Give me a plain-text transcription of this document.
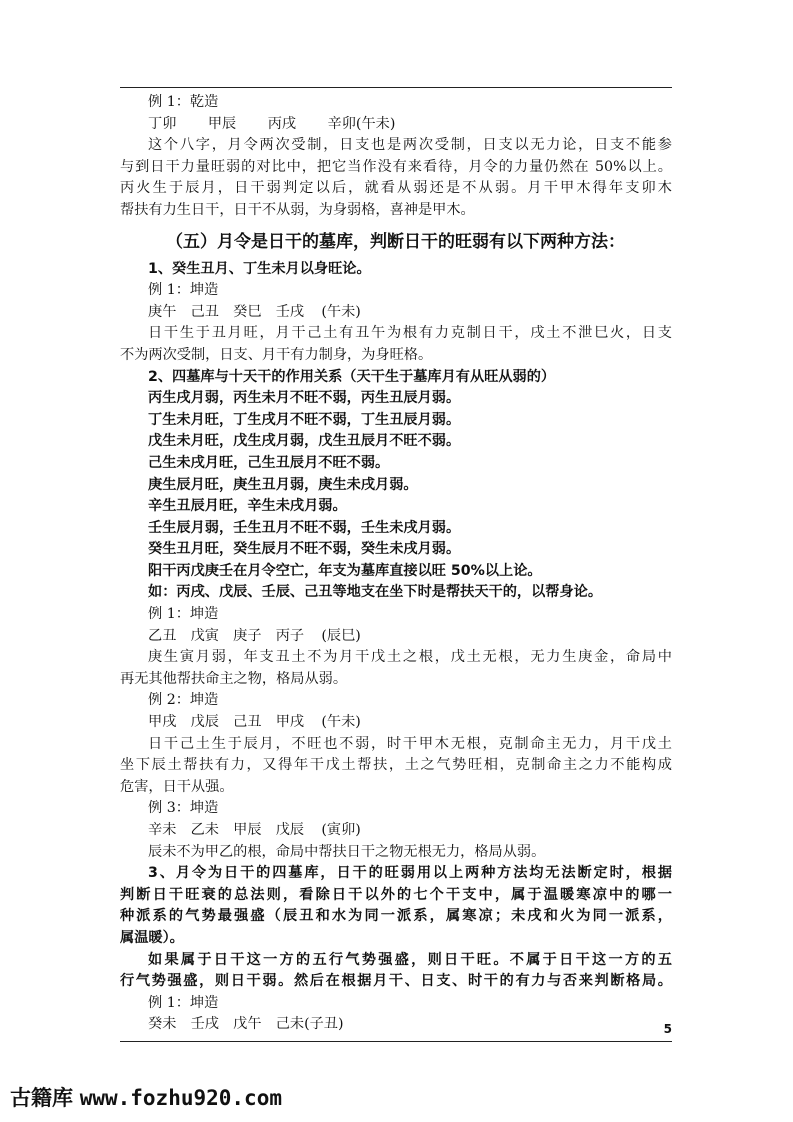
例 1：乾造
丁卯　 甲辰　 丙戌　 辛卯(午未)
这个八字，月令两次受制，日支也是两次受制，日支以无力论，日支不能参
与到日干力量旺弱的对比中，把它当作没有来看待，月令的力量仍然在 50%以上。
丙火生于辰月，日干弱判定以后，就看从弱还是不从弱。月干甲木得年支卯木
帮扶有力生日干，日干不从弱，为身弱格，喜神是甲木。
（五）月令是日干的墓库，判断日干的旺弱有以下两种方法：
1、癸生丑月、丁生未月以身旺论。
例 1：坤造
庚午　己丑　癸巳　壬戌 (午未)
日干生于丑月旺，月干己土有丑午为根有力克制日干，戌土不泄巳火，日支
不为两次受制，日支、月干有力制身，为身旺格。
2、四墓库与十天干的作用关系（天干生于墓库月有从旺从弱的）
丙生戌月弱，丙生未月不旺不弱，丙生丑辰月弱。
丁生未月旺，丁生戌月不旺不弱，丁生丑辰月弱。
戊生未月旺，戊生戌月弱，戊生丑辰月不旺不弱。
己生未戌月旺，己生丑辰月不旺不弱。
庚生辰月旺，庚生丑月弱，庚生未戌月弱。
辛生丑辰月旺，辛生未戌月弱。
壬生辰月弱，壬生丑月不旺不弱，壬生未戌月弱。
癸生丑月旺，癸生辰月不旺不弱，癸生未戌月弱。
阳干丙戊庚壬在月令空亡，年支为墓库直接以旺 50%以上论。
如：丙戌、戊辰、壬辰、己丑等地支在坐下时是帮扶天干的，以帮身论。
例 1：坤造
乙丑　戊寅　庚子　丙子 (辰巳)
庚生寅月弱，年支丑土不为月干戊土之根，戊土无根，无力生庚金，命局中
再无其他帮扶命主之物，格局从弱。
例 2：坤造
甲戌　戊辰　己丑　甲戌 (午未)
日干己土生于辰月，不旺也不弱，时干甲木无根，克制命主无力，月干戊土
坐下辰土帮扶有力，又得年干戊土帮扶，土之气势旺相，克制命主之力不能构成
危害，日干从强。
例 3：坤造
辛未　乙未　甲辰　戊辰 (寅卯)
辰未不为甲乙的根，命局中帮扶日干之物无根无力，格局从弱。
3、月令为日干的四墓库，日干的旺弱用以上两种方法均无法断定时，根据
判断日干旺衰的总法则，看除日干以外的七个干支中，属于温暖寒凉中的哪一
种派系的气势最强盛（辰丑和水为同一派系，属寒凉；未戌和火为同一派系，
属温暖）。
如果属于日干这一方的五行气势强盛，则日干旺。不属于日干这一方的五
行气势强盛，则日干弱。然后在根据月干、日支、时干的有力与否来判断格局。
例 1：坤造
癸未　壬戌　戊午　己未(子丑)	5
古籍库 www.fozhu920.com
